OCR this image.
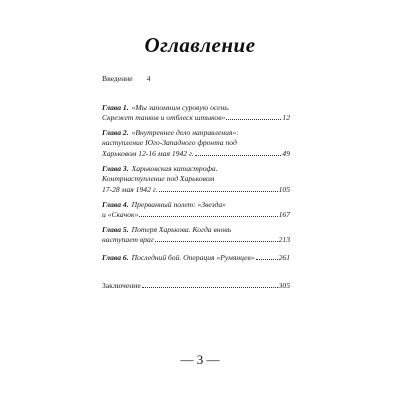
Оглавление
Введение 4
Глава 1. «Мы запомним суровую осень.
Скрежет танков и отблеск штыков»	12
Глава 2. «Внутреннее дело направления»:
наступление Юго-Западного фронта под
Харьковом 12-16 мая 1942 г.	49
Глава 3. Харьковская катастрофа.
Контрнаступление под Харьковом
17-28 мая 1942 г.	105
Глава 4. Прерванный полет: «Звезда»
и «Скачок»	167
Глава 5. Потеря Харькова. Когда вновь
наступает враг	213
Глава 6. Последний бой. Операция «Румянцев»	261
Заключение	305
— 3 —
